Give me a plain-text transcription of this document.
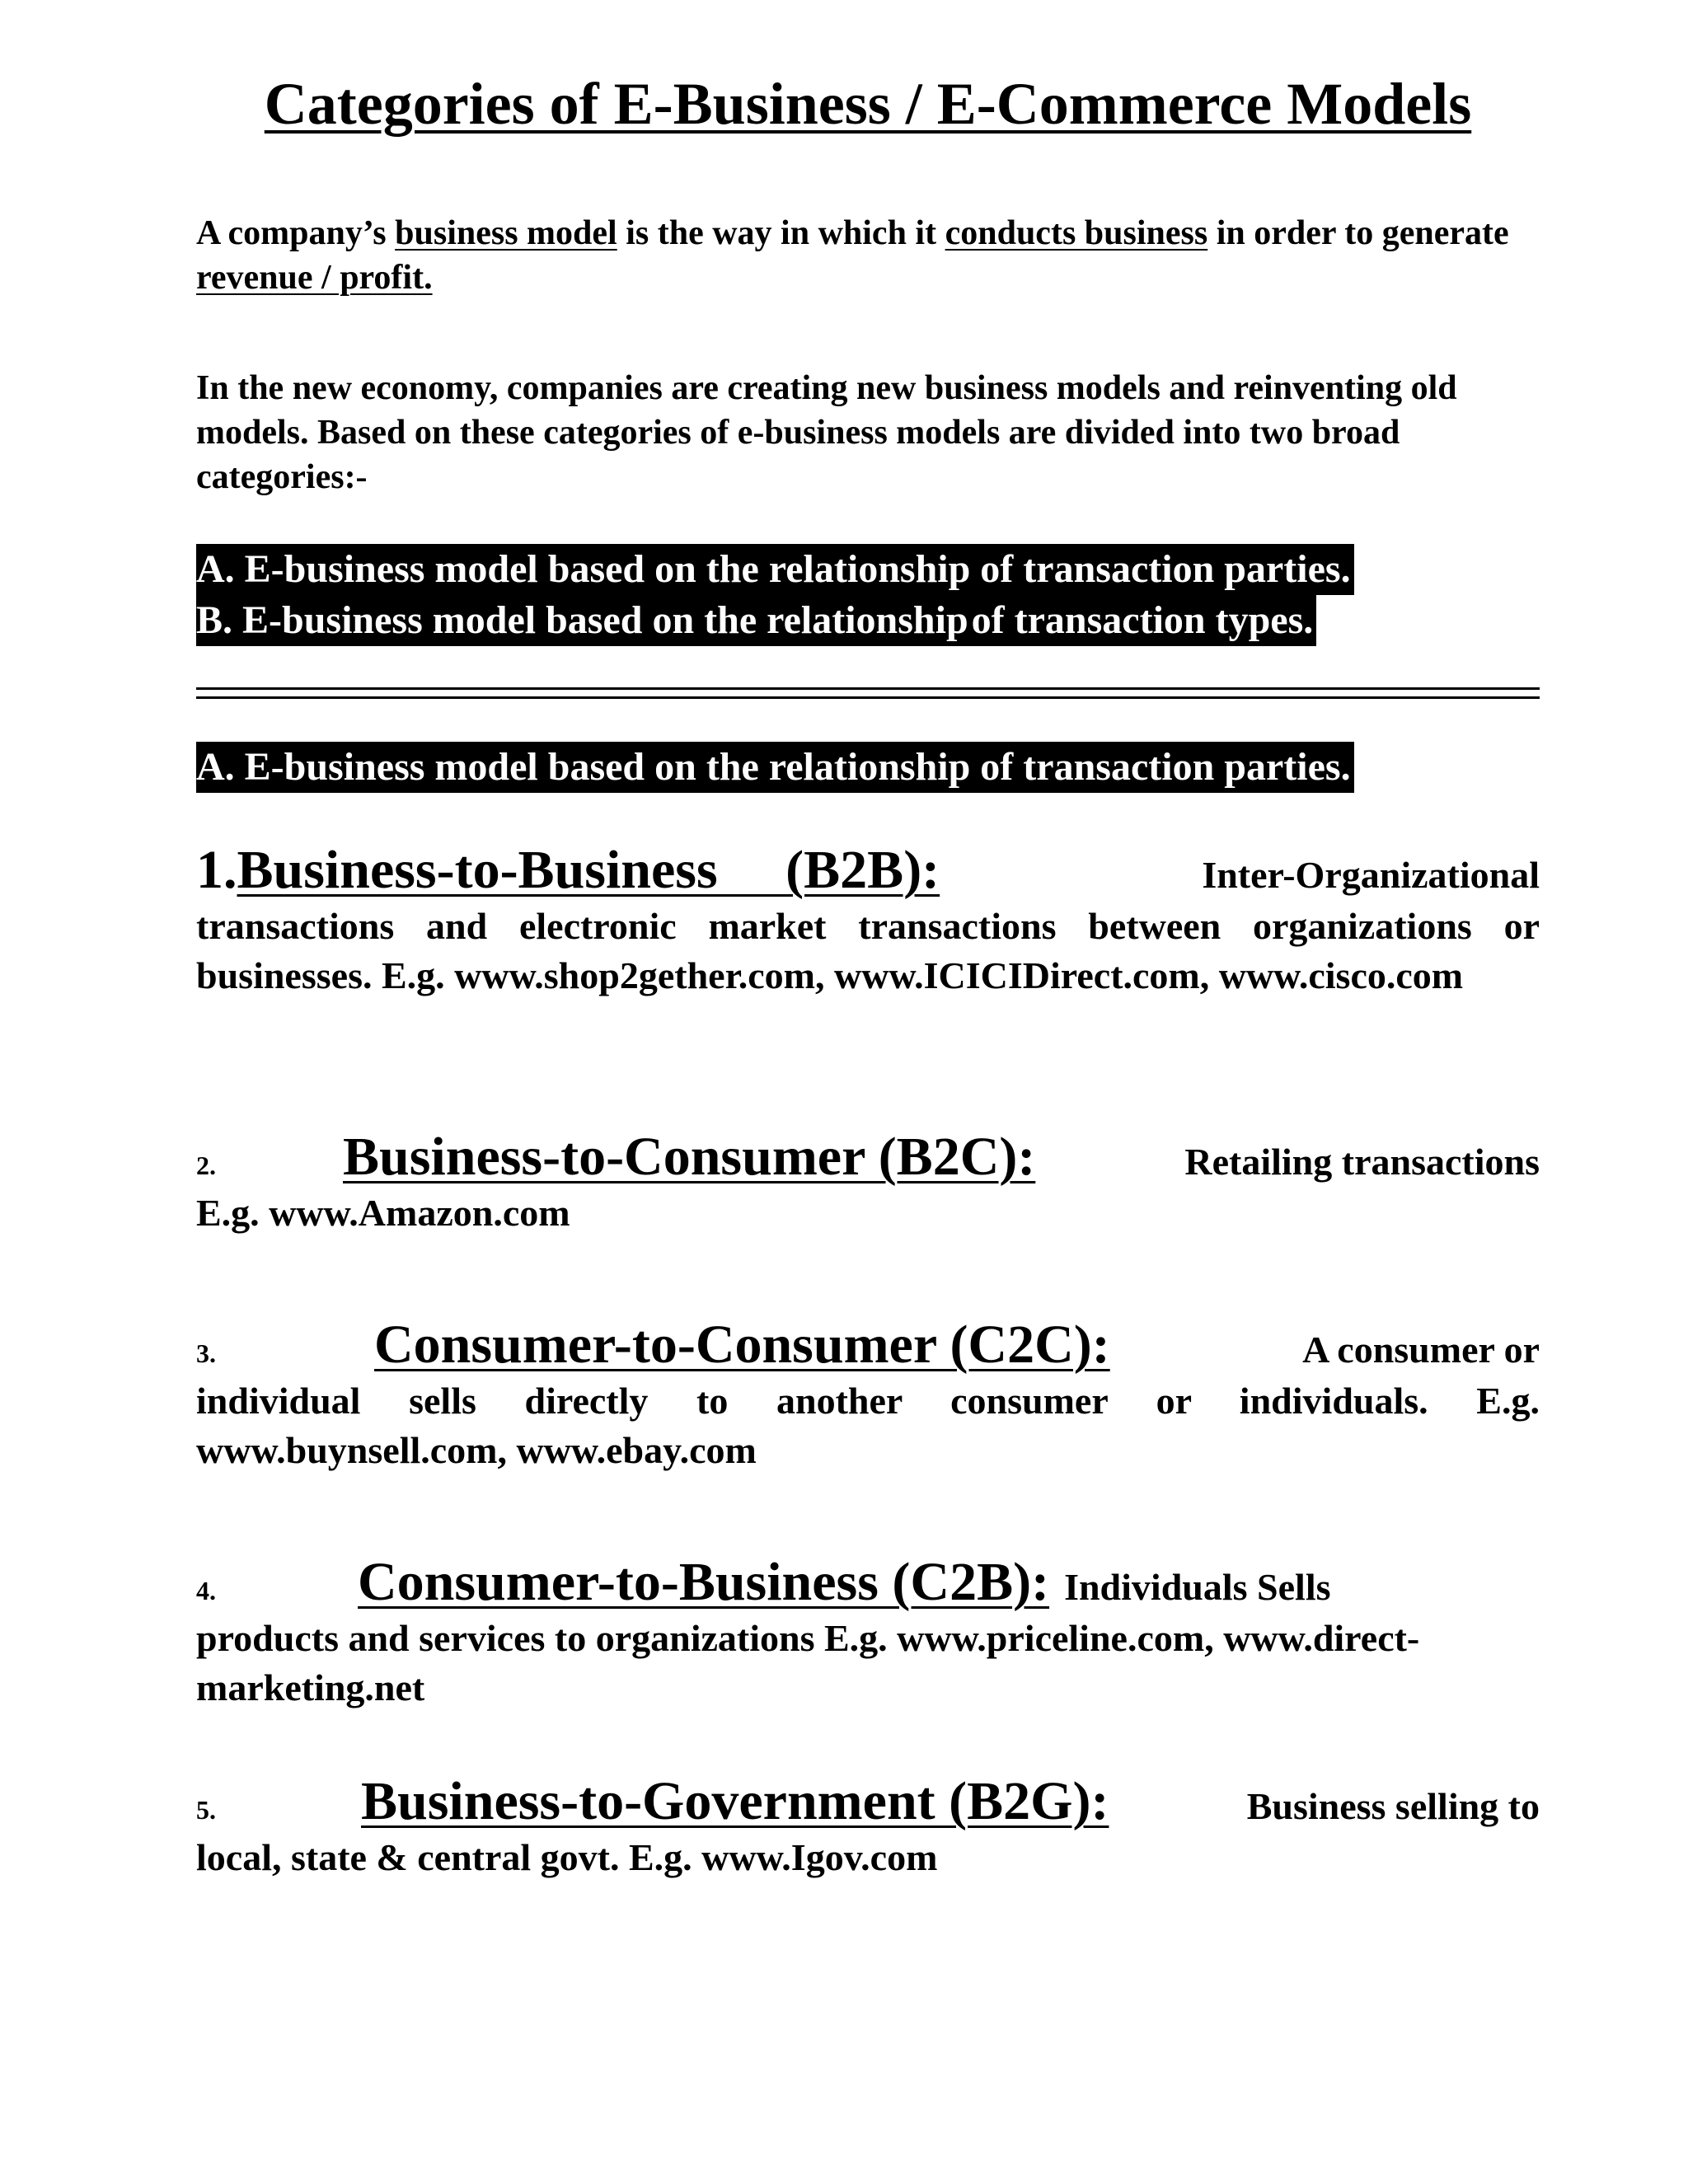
Categories of E-Business / E-Commerce Models

A company’s business model is the way in which it conducts business in order to generate revenue / profit.

In the new economy, companies are creating new business models and reinventing old models. Based on these categories of e-business models are divided into two broad categories:-

A. E-business model based on the relationship of transaction parties.
B. E-business model based on the relationshipof transaction types.
A. E-business model based on the relationship of transaction parties.
1. Business-to-Business     (B2B):	Inter-Organizational
transactions and electronic market transactions between organizations or businesses. E.g. www.shop2gether.com, www.ICICIDirect.com, www.cisco.com
2.	Business-to-Consumer (B2C):	Retailing transactions
E.g. www.Amazon.com
3.	Consumer-to-Consumer (C2C):	A consumer or
individual sells directly to another consumer or individuals. E.g. www.buynsell.com, www.ebay.com
4.	Consumer-to-Business (C2B): Individuals Sells
products and services to organizations E.g. www.priceline.com, www.direct-marketing.net
5.	Business-to-Government (B2G):	Business selling to
local, state & central govt. E.g. www.Igov.com
